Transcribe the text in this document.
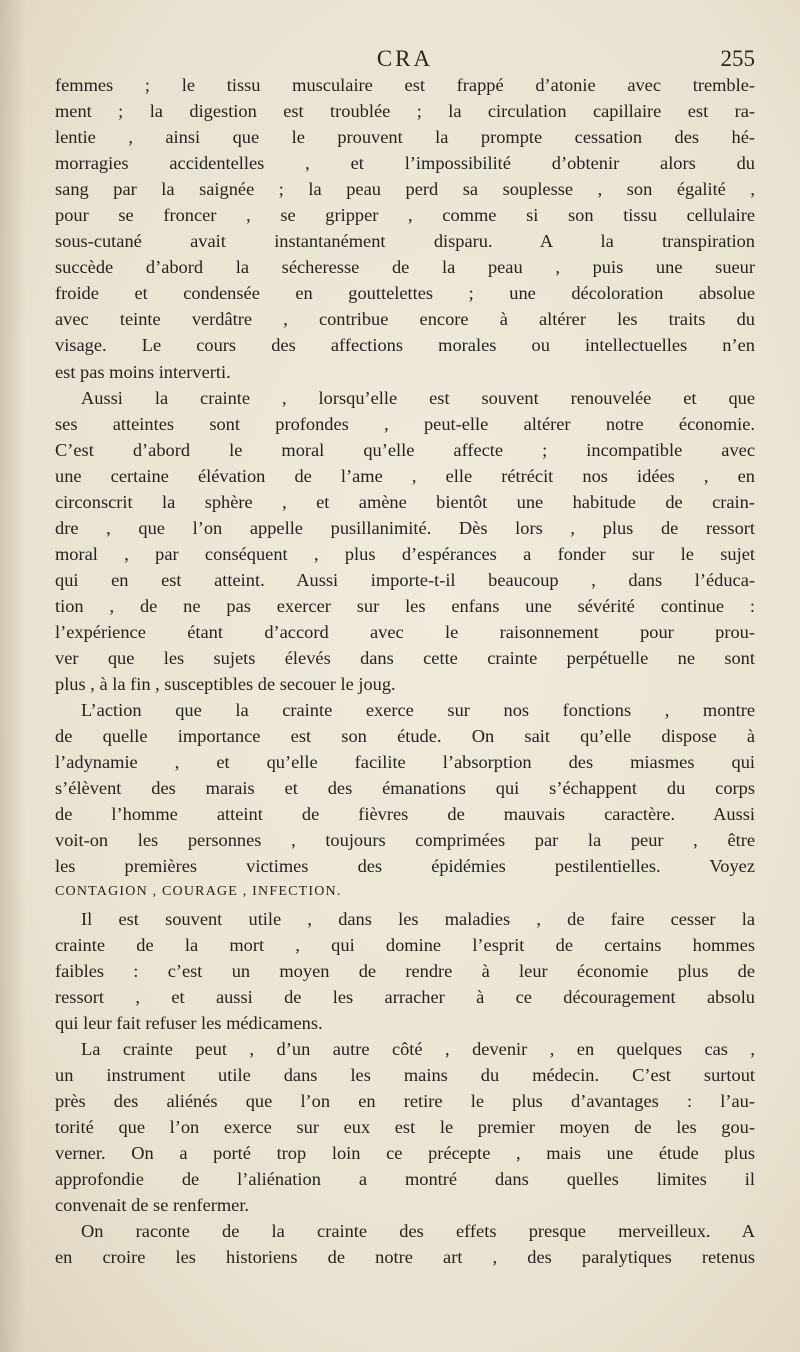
CRA	255
femmes ; le tissu musculaire est frappé d’atonie avec tremble-
ment ; la digestion est troublée ; la circulation capillaire est ra-
lentie , ainsi que le prouvent la prompte cessation des hé-
morragies accidentelles , et l’impossibilité d’obtenir alors du
sang par la saignée ; la peau perd sa souplesse , son égalité ,
pour se froncer , se gripper , comme si son tissu cellulaire
sous-cutané avait instantanément disparu. A la transpiration
succède d’abord la sécheresse de la peau , puis une sueur
froide et condensée en gouttelettes ; une décoloration absolue
avec teinte verdâtre , contribue encore à altérer les traits du
visage. Le cours des affections morales ou intellectuelles n’en
est pas moins interverti.
Aussi la crainte , lorsqu’elle est souvent renouvelée et que
ses atteintes sont profondes , peut-elle altérer notre économie.
C’est d’abord le moral qu’elle affecte ; incompatible avec
une certaine élévation de l’ame , elle rétrécit nos idées , en
circonscrit la sphère , et amène bientôt une habitude de crain-
dre , que l’on appelle pusillanimité. Dès lors , plus de ressort
moral , par conséquent , plus d’espérances a fonder sur le sujet
qui en est atteint. Aussi importe-t-il beaucoup , dans l’éduca-
tion , de ne pas exercer sur les enfans une sévérité continue :
l’expérience étant d’accord avec le raisonnement pour prou-
ver que les sujets élevés dans cette crainte perpétuelle ne sont
plus , à la fin , susceptibles de secouer le joug.
L’action que la crainte exerce sur nos fonctions , montre
de quelle importance est son étude. On sait qu’elle dispose à
l’adynamie , et qu’elle facilite l’absorption des miasmes qui
s’élèvent des marais et des émanations qui s’échappent du corps
de l’homme atteint de fièvres de mauvais caractère. Aussi
voit-on les personnes , toujours comprimées par la peur , être
les premières victimes des épidémies pestilentielles. Voyez
CONTAGION , COURAGE , INFECTION.
Il est souvent utile , dans les maladies , de faire cesser la
crainte de la mort , qui domine l’esprit de certains hommes
faibles : c’est un moyen de rendre à leur économie plus de
ressort , et aussi de les arracher à ce découragement absolu
qui leur fait refuser les médicamens.
La crainte peut , d’un autre côté , devenir , en quelques cas ,
un instrument utile dans les mains du médecin. C’est surtout
près des aliénés que l’on en retire le plus d’avantages : l’au-
torité que l’on exerce sur eux est le premier moyen de les gou-
verner. On a porté trop loin ce précepte , mais une étude plus
approfondie de l’aliénation a montré dans quelles limites il
convenait de se renfermer.
On raconte de la crainte des effets presque merveilleux. A
en croire les historiens de notre art , des paralytiques retenus
